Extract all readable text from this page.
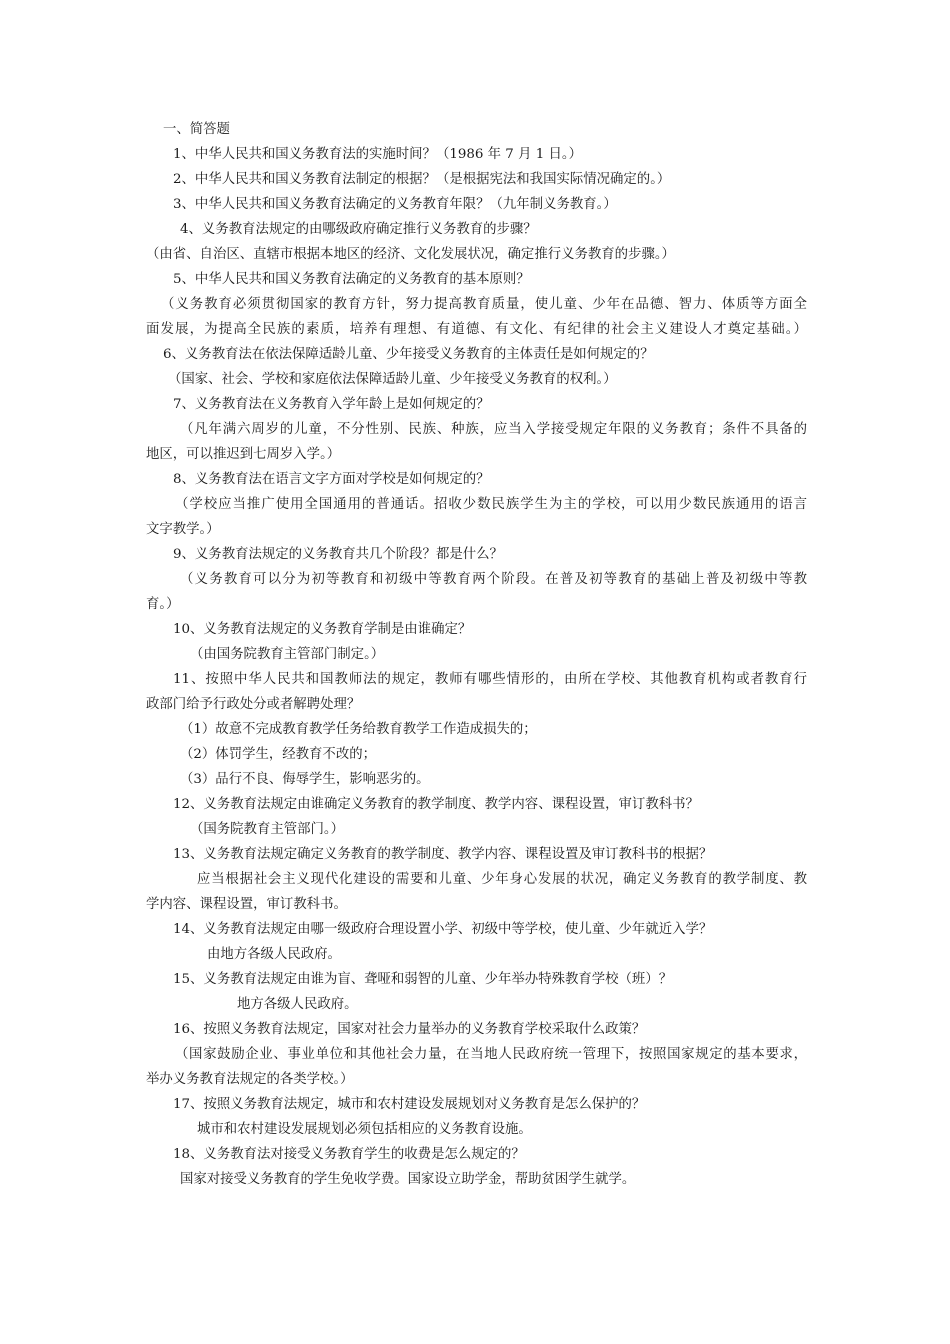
一、简答题
1、中华人民共和国义务教育法的实施时间？（1986 年 7 月 1 日。）
2、中华人民共和国义务教育法制定的根据？（是根据宪法和我国实际情况确定的。）
3、中华人民共和国义务教育法确定的义务教育年限？（九年制义务教育。）
4、义务教育法规定的由哪级政府确定推行义务教育的步骤？
（由省、自治区、直辖市根据本地区的经济、文化发展状况，确定推行义务教育的步骤。）
5、中华人民共和国义务教育法确定的义务教育的基本原则？
（义务教育必须贯彻国家的教育方针，努力提高教育质量，使儿童、少年在品德、智力、体质等方面全
面发展，为提高全民族的素质，培养有理想、有道德、有文化、有纪律的社会主义建设人才奠定基础。）
6、义务教育法在依法保障适龄儿童、少年接受义务教育的主体责任是如何规定的？
（国家、社会、学校和家庭依法保障适龄儿童、少年接受义务教育的权利。）
7、义务教育法在义务教育入学年龄上是如何规定的？
（凡年满六周岁的儿童，不分性别、民族、种族，应当入学接受规定年限的义务教育；条件不具备的
地区，可以推迟到七周岁入学。）
8、义务教育法在语言文字方面对学校是如何规定的？
（学校应当推广使用全国通用的普通话。招收少数民族学生为主的学校，可以用少数民族通用的语言
文字教学。）
9、义务教育法规定的义务教育共几个阶段？都是什么？
（义务教育可以分为初等教育和初级中等教育两个阶段。在普及初等教育的基础上普及初级中等教
育。）
10、义务教育法规定的义务教育学制是由谁确定？
（由国务院教育主管部门制定。）
11、按照中华人民共和国教师法的规定，教师有哪些情形的，由所在学校、其他教育机构或者教育行
政部门给予行政处分或者解聘处理？
（1）故意不完成教育教学任务给教育教学工作造成损失的；
（2）体罚学生，经教育不改的；
（3）品行不良、侮辱学生，影响恶劣的。
12、义务教育法规定由谁确定义务教育的教学制度、教学内容、课程设置，审订教科书？
（国务院教育主管部门。）
13、义务教育法规定确定义务教育的教学制度、教学内容、课程设置及审订教科书的根据？
应当根据社会主义现代化建设的需要和儿童、少年身心发展的状况，确定义务教育的教学制度、教
学内容、课程设置，审订教科书。
14、义务教育法规定由哪一级政府合理设置小学、初级中等学校，使儿童、少年就近入学？
由地方各级人民政府。
15、义务教育法规定由谁为盲、聋哑和弱智的儿童、少年举办特殊教育学校（班）？
地方各级人民政府。
16、按照义务教育法规定，国家对社会力量举办的义务教育学校采取什么政策？
（国家鼓励企业、事业单位和其他社会力量，在当地人民政府统一管理下，按照国家规定的基本要求，
举办义务教育法规定的各类学校。）
17、按照义务教育法规定，城市和农村建设发展规划对义务教育是怎么保护的？
城市和农村建设发展规划必须包括相应的义务教育设施。
18、义务教育法对接受义务教育学生的收费是怎么规定的？
国家对接受义务教育的学生免收学费。国家设立助学金，帮助贫困学生就学。
